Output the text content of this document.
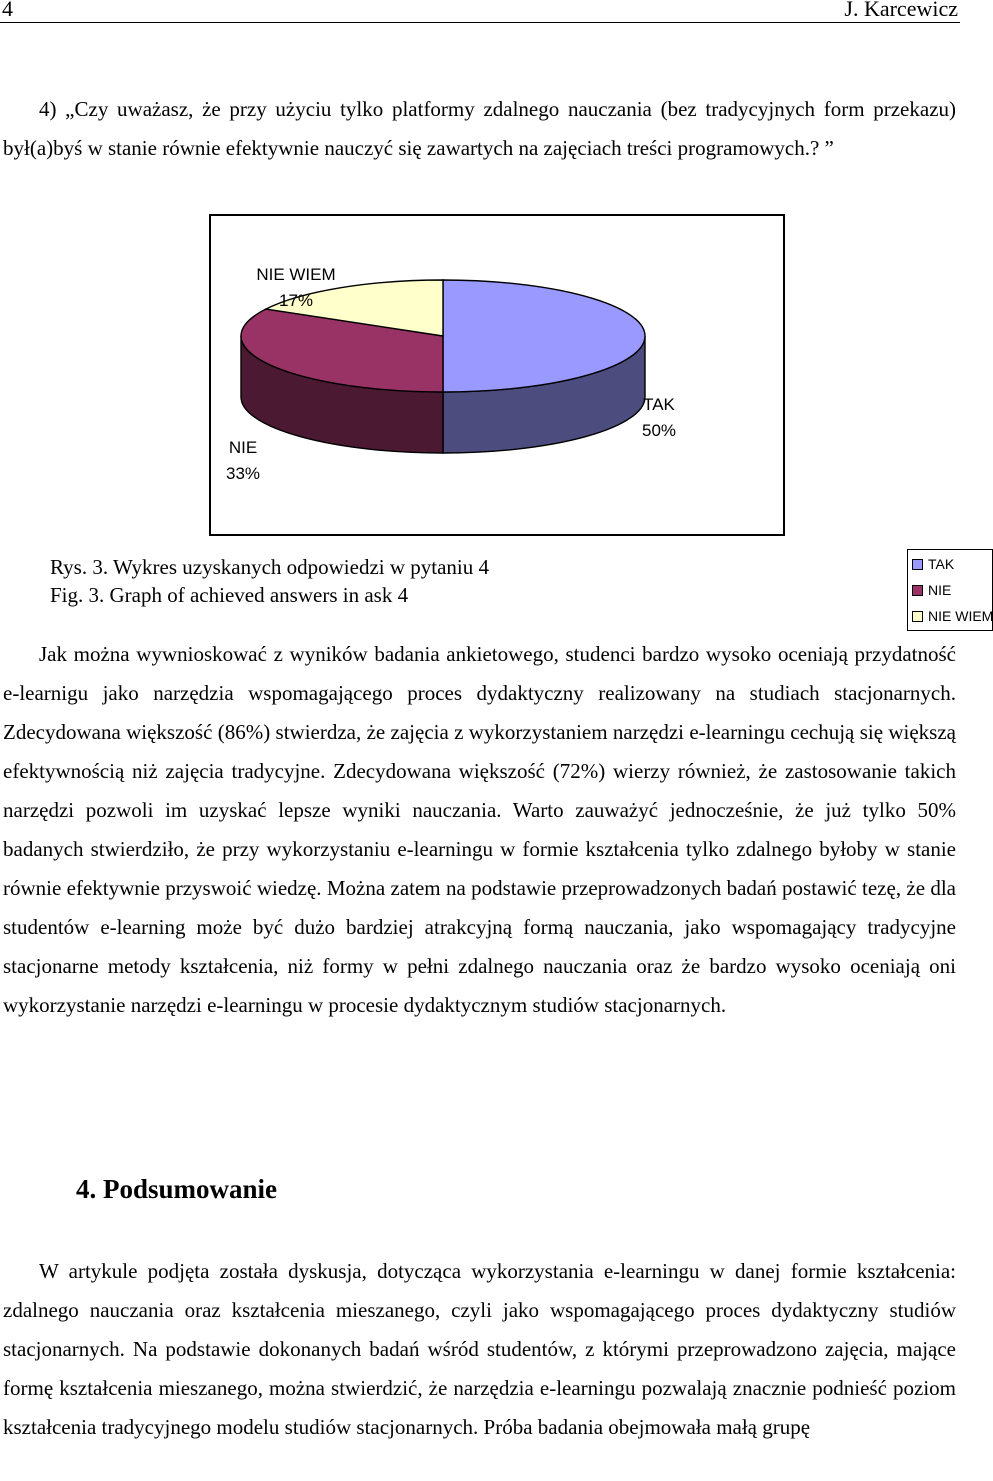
4	J. Karcewicz
4) „Czy uważasz, że przy użyciu tylko platformy zdalnego nauczania (bez tradycyjnych form przekazu) był(a)byś w stanie równie efektywnie nauczyć się zawartych na zajęciach treści programowych.? ”
TAK
50%
NIE
33%
NIE WIEM
17%
TAK
NIE
NIE WIEM
Rys. 3. Wykres uzyskanych odpowiedzi w pytaniu 4
Fig. 3. Graph of achieved answers in ask 4
Jak można wywnioskować z wyników badania ankietowego, studenci bardzo wysoko oceniają przydatność e-learnigu jako narzędzia wspomagającego proces dydaktyczny realizowany na studiach stacjonarnych. Zdecydowana większość (86%) stwierdza, że zajęcia z wykorzystaniem narzędzi e-learningu cechują się większą efektywnością niż zajęcia tradycyjne. Zdecydowana większość (72%) wierzy również, że zastosowanie takich narzędzi pozwoli im uzyskać lepsze wyniki nauczania. Warto zauważyć jednocześnie, że już tylko 50% badanych stwierdziło, że przy wykorzystaniu e-learningu w formie kształcenia tylko zdalnego byłoby w stanie równie efektywnie przyswoić wiedzę. Można zatem na podstawie przeprowadzonych badań postawić tezę, że dla studentów e-learning może być dużo bardziej atrakcyjną formą nauczania, jako wspomagający tradycyjne stacjonarne metody kształcenia, niż formy w pełni zdalnego nauczania oraz że bardzo wysoko oceniają oni wykorzystanie narzędzi e-learningu w procesie dydaktycznym studiów stacjonarnych.
4. Podsumowanie
W artykule podjęta została dyskusja, dotycząca wykorzystania e-learningu w danej formie kształcenia: zdalnego nauczania oraz kształcenia mieszanego, czyli jako wspomagającego proces dydaktyczny studiów stacjonarnych. Na podstawie dokonanych badań wśród studentów, z którymi przeprowadzono zajęcia, mające formę kształcenia mieszanego, można stwierdzić, że narzędzia e-learningu pozwalają znacznie podnieść poziom kształcenia tradycyjnego modelu studiów stacjonarnych. Próba badania obejmowała małą grupę
